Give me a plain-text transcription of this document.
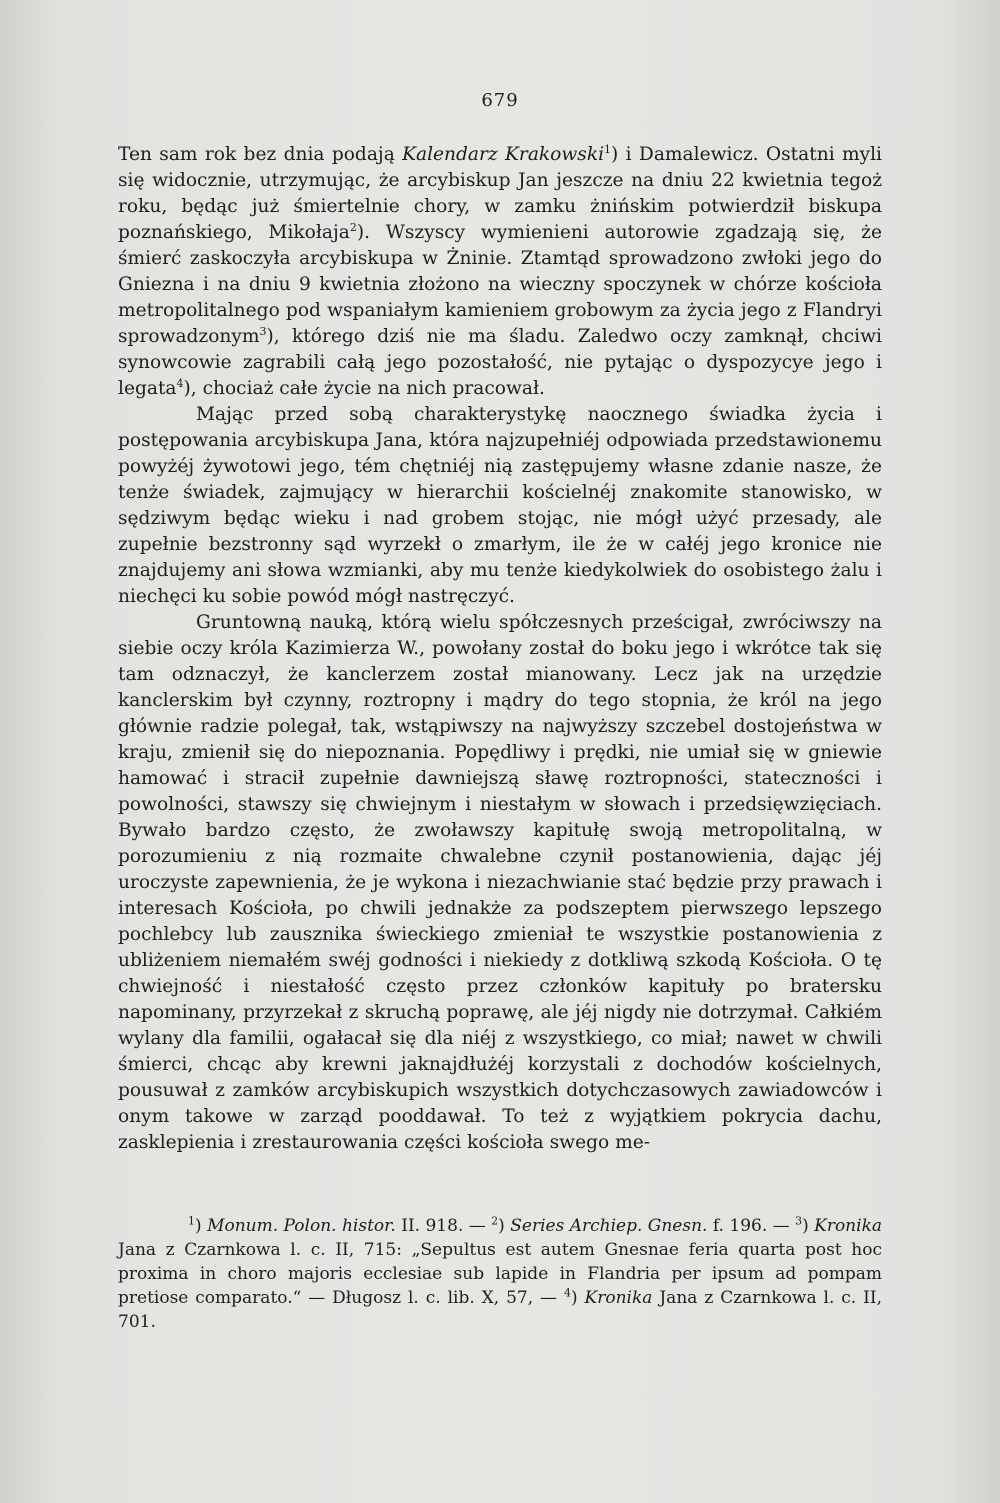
679

Ten sam rok bez dnia podają Kalendarz Krakowski$^1$) i Damalewicz. Ostatni myli się widocznie, utrzymując, że arcybiskup Jan jeszcze na dniu 22 kwietnia tegoż roku, będąc już śmiertelnie chory, w zamku żnińskim potwierdził biskupa poznańskiego, Mikołaja$^2$). Wszyscy wymienieni autorowie zgadzają się, że śmierć zaskoczyła arcybiskupa w Żninie. Ztamtąd sprowadzono zwłoki jego do Gniezna i na dniu 9 kwietnia złożono na wieczny spoczynek w chórze kościoła metropolitalnego pod wspaniałym kamieniem grobowym za życia jego z Flandryi sprowadzonym$^3$), którego dziś nie ma śladu. Zaledwo oczy zamknął, chciwi synowcowie zagrabili całą jego pozostałość, nie pytając o dyspozycye jego i legata$^4$), chociaż całe życie na nich pracował.

Mając przed sobą charakterystykę naocznego świadka życia i postępowania arcybiskupa Jana, która najzupełniéj odpowiada przedstawionemu powyżéj żywotowi jego, tém chętniéj nią zastępujemy własne zdanie nasze, że tenże świadek, zajmujący w hierarchii kościelnéj znakomite stanowisko, w sędziwym będąc wieku i nad grobem stojąc, nie mógł użyć przesady, ale zupełnie bezstronny sąd wyrzekł o zmarłym, ile że w całéj jego kronice nie znajdujemy ani słowa wzmianki, aby mu tenże kiedykolwiek do osobistego żalu i niechęci ku sobie powód mógł nastręczyć.

Gruntowną nauką, którą wielu spółczesnych prześcigał, zwróciwszy na siebie oczy króla Kazimierza W., powołany został do boku jego i wkrótce tak się tam odznaczył, że kanclerzem został mianowany. Lecz jak na urzędzie kanclerskim był czynny, roztropny i mądry do tego stopnia, że król na jego głównie radzie polegał, tak, wstąpiwszy na najwyższy szczebel dostojeństwa w kraju, zmienił się do niepoznania. Popędliwy i prędki, nie umiał się w gniewie hamować i stracił zupełnie dawniejszą sławę roztropności, stateczności i powolności, stawszy się chwiejnym i niestałym w słowach i przedsięwzięciach. Bywało bardzo często, że zwoławszy kapitułę swoją metropolitalną, w porozumieniu z nią rozmaite chwalebne czynił postanowienia, dając jéj uroczyste zapewnienia, że je wykona i niezachwianie stać będzie przy prawach i interesach Kościoła, po chwili jednakże za podszeptem pierwszego lepszego pochlebcy lub zausznika świeckiego zmieniał te wszystkie postanowienia z ubliżeniem niemałém swéj godności i niekiedy z dotkliwą szkodą Kościoła. O tę chwiejność i niestałość często przez członków kapituły po bratersku napominany, przyrzekał z skruchą poprawę, ale jéj nigdy nie dotrzymał. Całkiém wylany dla familii, ogałacał się dla niéj z wszystkiego, co miał; nawet w chwili śmierci, chcąc aby krewni jaknajdłużéj korzystali z dochodów kościelnych, pousuwał z zamków arcybiskupich wszystkich dotychczasowych zawiadowców i onym takowe w zarząd pooddawał. To też z wyjątkiem pokrycia dachu, zasklepienia i zrestaurowania części kościoła swego me-

$^1$) Monum. Polon. histor. II. 918. — $^2$) Series Archiep. Gnesn. f. 196. — $^3$) Kronika Jana z Czarnkowa l. c. II, 715: „Sepultus est autem Gnesnae feria quarta post hoc proxima in choro majoris ecclesiae sub lapide in Flandria per ipsum ad pompam pretiose comparato.“ — Długosz l. c. lib. X, 57, — $^4$) Kronika Jana z Czarnkowa l. c. II, 701.
